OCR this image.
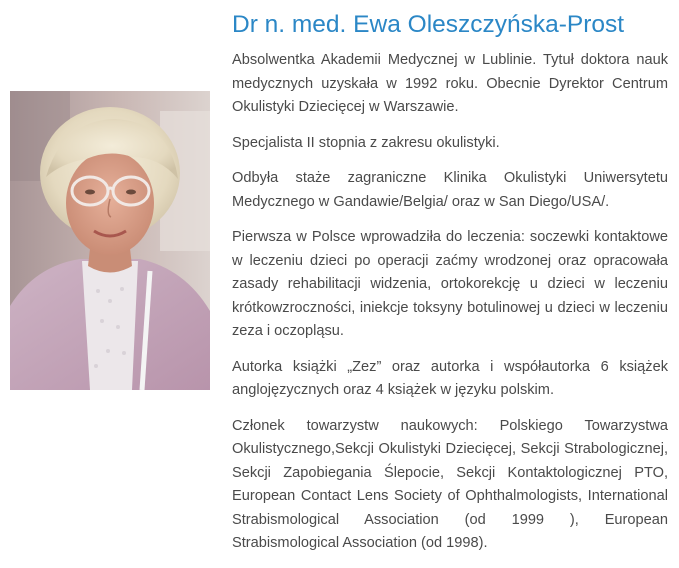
Dr n. med. Ewa Oleszczyńska-Prost

Absolwentka Akademii Medycznej w Lublinie. Tytuł doktora nauk medycznych uzyskała w 1992 roku. Obecnie Dyrektor Centrum Okulistyki Dziecięcej w Warszawie.

Specjalista II stopnia z zakresu okulistyki.

Odbyła staże zagraniczne Klinika Okulistyki Uniwersytetu Medycznego w Gandawie/Belgia/ oraz w San Diego/USA/.

Pierwsza w Polsce wprowadziła do leczenia: soczewki kontaktowe w leczeniu dzieci po operacji zaćmy wrodzonej oraz opracowała zasady rehabilitacji widzenia, ortokorekcję u dzieci w leczeniu krótkowzroczności, iniekcje toksyny botulinowej u dzieci w leczeniu zeza i oczopląsu.

Autorka książki „Zez” oraz autorka i współautorka 6 książek anglojęzycznych oraz 4 książek w języku polskim.

Członek towarzystw naukowych: Polskiego Towarzystwa Okulistycznego,Sekcji Okulistyki Dziecięcej, Sekcji Strabologicznej, Sekcji Zapobiegania Ślepocie, Sekcji Kontaktologicznej PTO, European Contact Lens Society of Ophthalmologists, International Strabismological Association (od 1999 ), European Strabismological Association (od 1998).
